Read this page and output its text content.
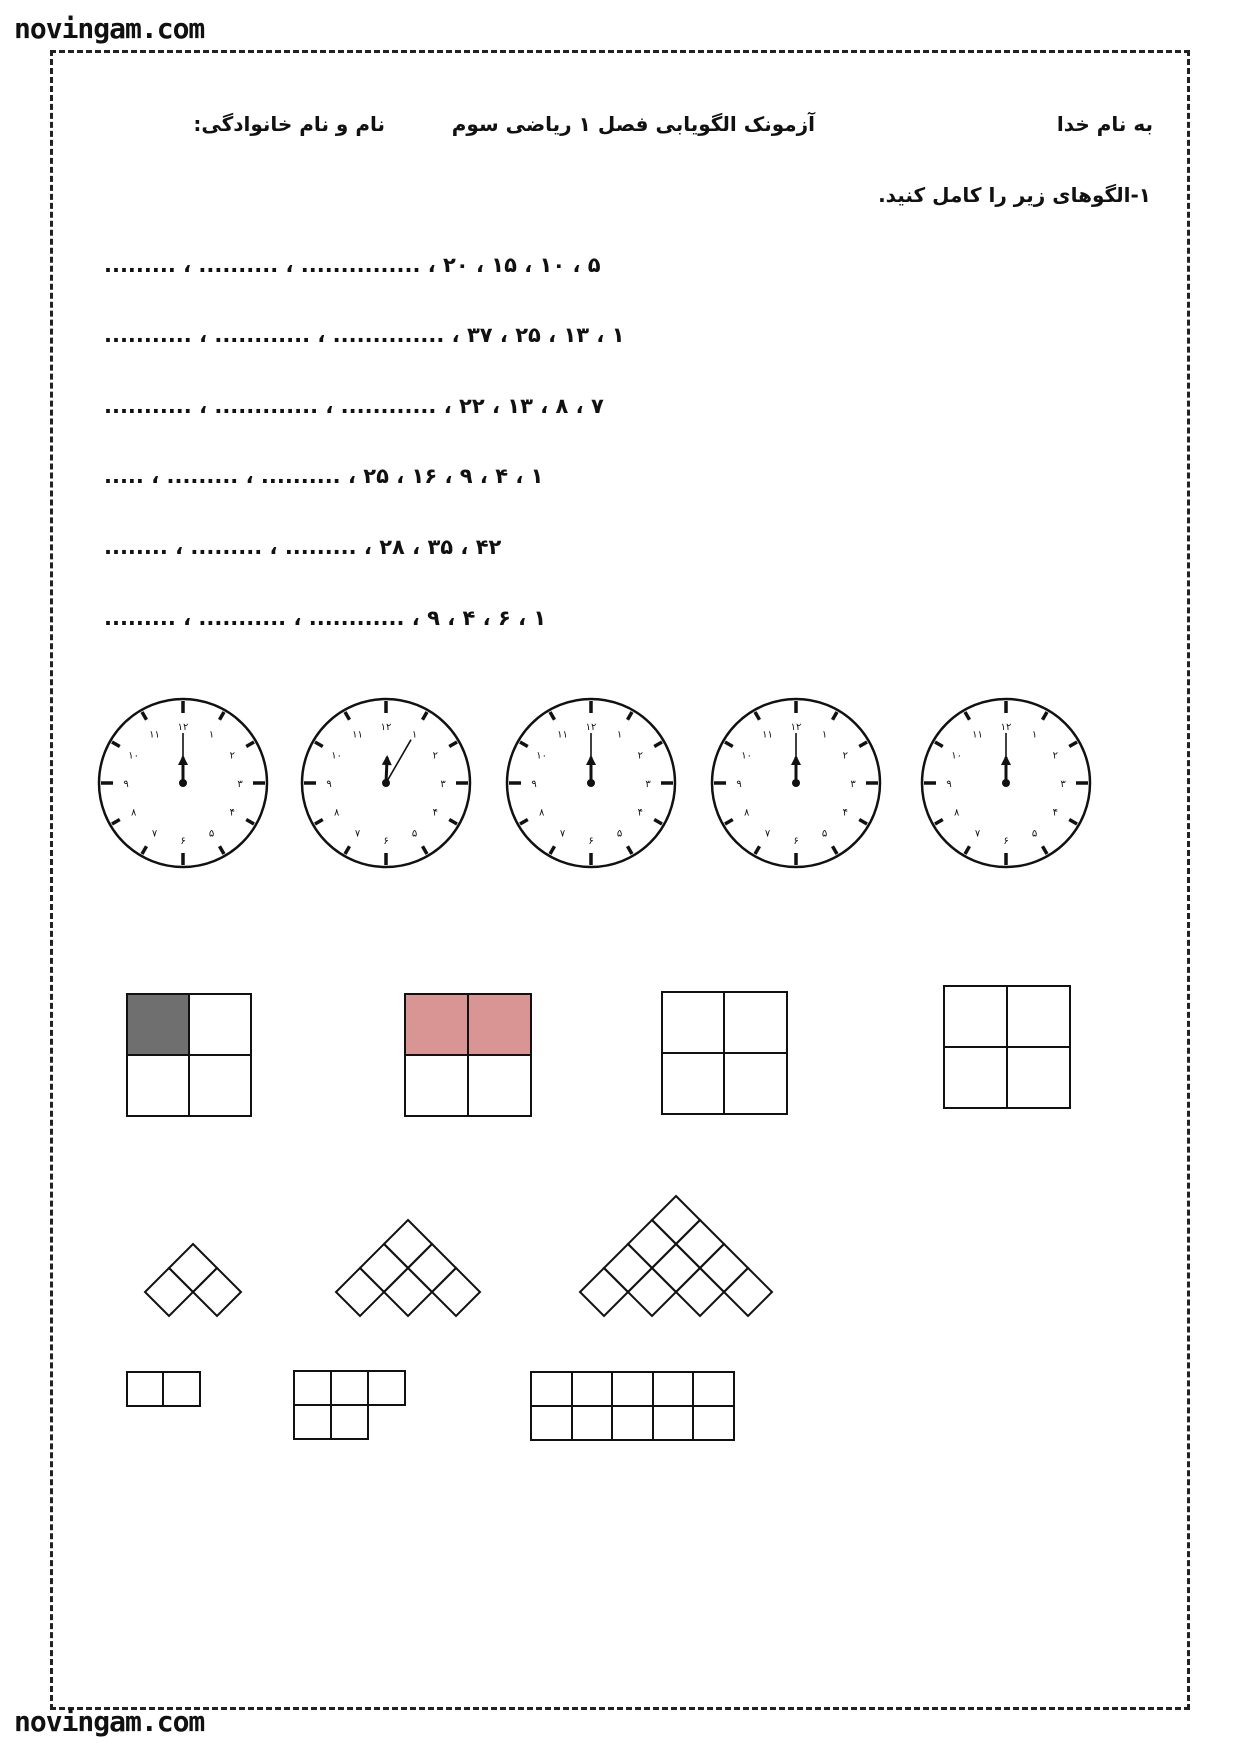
novingam.com
به نام خدا
آزمونک الگویابی فصل ۱ ریاضی سوم
نام و نام خانوادگی:
۱-الگوهای زیر را کامل کنید.
۵ ، ۱۰ ، ۱۵ ، ۲۰ ، ............... ، .......... ، .........
۱ ، ۱۳ ، ۲۵ ، ۳۷ ، .............. ، ............ ، ...........
۷ ، ۸ ، ۱۳ ، ۲۲ ، ............ ، ............. ، ...........
۱ ، ۴ ، ۹ ، ۱۶ ، ۲۵ ، .......... ، ......... ، .....
۴۲ ، ۳۵ ، ۲۸ ، ......... ، ......... ، ........
۱ ، ۶ ، ۴ ، ۹ ، ............ ، ........... ، .........
۱۲
۱
۲
۳
۴
۵
۶
۷
۸
۹
۱۰
۱۱
۱۲
۱
۲
۳
۴
۵
۶
۷
۸
۹
۱۰
۱۱
۱۲
۱
۲
۳
۴
۵
۶
۷
۸
۹
۱۰
۱۱
۱۲
۱
۲
۳
۴
۵
۶
۷
۸
۹
۱۰
۱۱
۱۲
۱
۲
۳
۴
۵
۶
۷
۸
۹
۱۰
۱۱
novingam.com
